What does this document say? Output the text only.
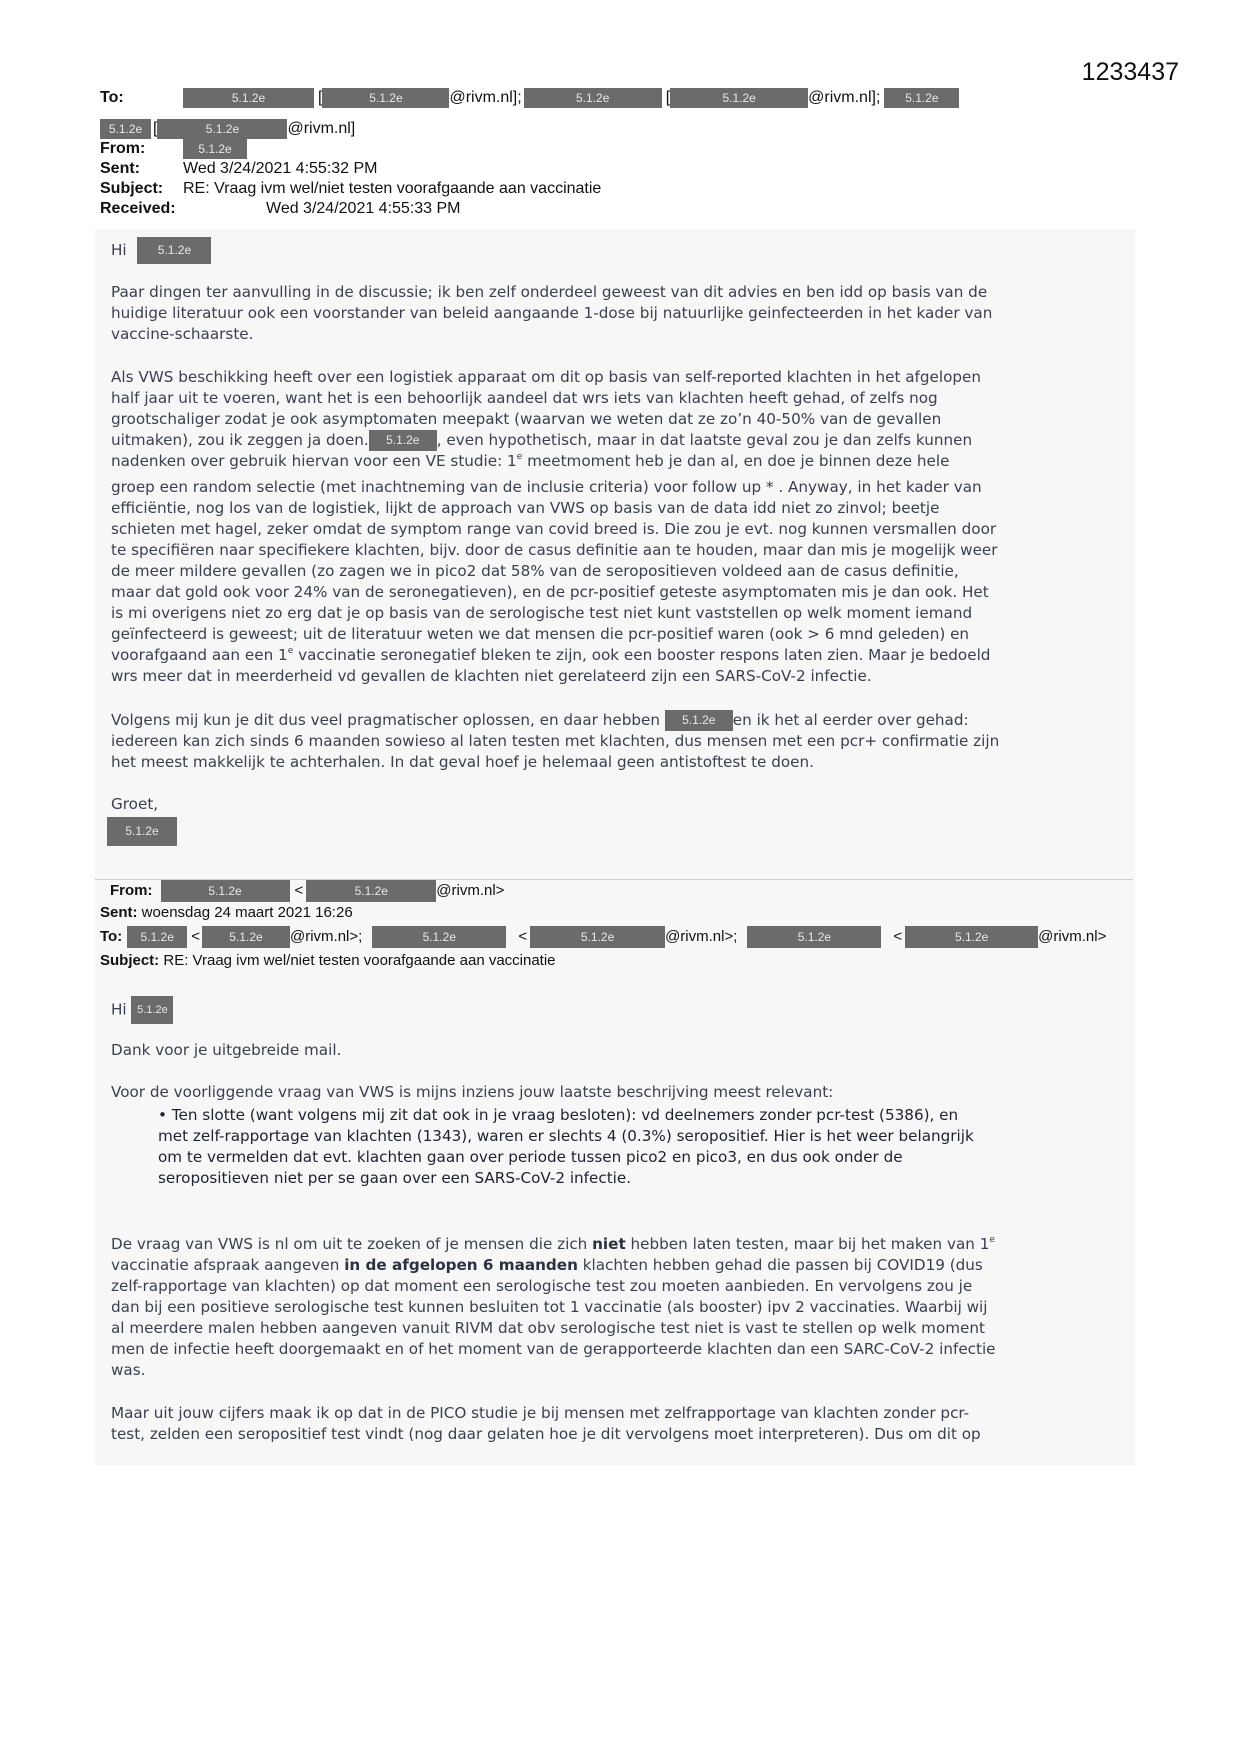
1233437
To:	5.1.2e	[	5.1.2e	@rivm.nl];	5.1.2e	[	5.1.2e	@rivm.nl]; 5.1.2e
5.1.2e [	5.1.2e	@rivm.nl]
From:	5.1.2e
Sent:	Wed 3/24/2021 4:55:32 PM
Subject: RE: Vraag ivm wel/niet testen voorafgaande aan vaccinatie
Received:	Wed 3/24/2021 4:55:33 PM
Hi	5.1.2e
Paar dingen ter aanvulling in de discussie; ik ben zelf onderdeel geweest van dit advies en ben idd op basis van de
huidige literatuur ook een voorstander van beleid aangaande 1-dose bij natuurlijke geinfecteerden in het kader van
vaccine-schaarste.
Als VWS beschikking heeft over een logistiek apparaat om dit op basis van self-reported klachten in het afgelopen
half jaar uit te voeren, want het is een behoorlijk aandeel dat wrs iets van klachten heeft gehad, of zelfs nog
grootschaliger zodat je ook asymptomaten meepakt (waarvan we weten dat ze zo’n 40-50% van de gevallen
uitmaken), zou ik zeggen ja doen. 5.1.2e , even hypothetisch, maar in dat laatste geval zou je dan zelfs kunnen
nadenken over gebruik hiervan voor een VE studie: 1e meetmoment heb je dan al, en doe je binnen deze hele
groep een random selectie (met inachtneming van de inclusie criteria) voor follow up * . Anyway, in het kader van
efficiëntie, nog los van de logistiek, lijkt de approach van VWS op basis van de data idd niet zo zinvol; beetje
schieten met hagel, zeker omdat de symptom range van covid breed is. Die zou je evt. nog kunnen versmallen door
te specifiëren naar specifiekere klachten, bijv. door de casus definitie aan te houden, maar dan mis je mogelijk weer
de meer mildere gevallen (zo zagen we in pico2 dat 58% van de seropositieven voldeed aan de casus definitie,
maar dat gold ook voor 24% van de seronegatieven), en de pcr-positief geteste asymptomaten mis je dan ook. Het
is mi overigens niet zo erg dat je op basis van de serologische test niet kunt vaststellen op welk moment iemand
geïnfecteerd is geweest; uit de literatuur weten we dat mensen die pcr-positief waren (ook > 6 mnd geleden) en
voorafgaand aan een 1e vaccinatie seronegatief bleken te zijn, ook een booster respons laten zien. Maar je bedoeld
wrs meer dat in meerderheid vd gevallen de klachten niet gerelateerd zijn een SARS-CoV-2 infectie.
Volgens mij kun je dit dus veel pragmatischer oplossen, en daar hebben 5.1.2e en ik het al eerder over gehad:
iedereen kan zich sinds 6 maanden sowieso al laten testen met klachten, dus mensen met een pcr+ confirmatie zijn
het meest makkelijk te achterhalen. In dat geval hoef je helemaal geen antistoftest te doen.
Groet,
5.1.2e
From:	5.1.2e	<	5.1.2e	@rivm.nl>
Sent: woensdag 24 maart 2021 16:26
To: 5.1.2e < 5.1.2e @rivm.nl>;	5.1.2e	<	5.1.2e	@rivm.nl>;	5.1.2e	<	5.1.2e	@rivm.nl>
Subject: RE: Vraag ivm wel/niet testen voorafgaande aan vaccinatie
Hi 5.1.2e
Dank voor je uitgebreide mail.
Voor de voorliggende vraag van VWS is mijns inziens jouw laatste beschrijving meest relevant:
• Ten slotte (want volgens mij zit dat ook in je vraag besloten): vd deelnemers zonder pcr-test (5386), en
met zelf-rapportage van klachten (1343), waren er slechts 4 (0.3%) seropositief. Hier is het weer belangrijk
om te vermelden dat evt. klachten gaan over periode tussen pico2 en pico3, en dus ook onder de
seropositieven niet per se gaan over een SARS-CoV-2 infectie.
De vraag van VWS is nl om uit te zoeken of je mensen die zich niet hebben laten testen, maar bij het maken van 1e
vaccinatie afspraak aangeven in de afgelopen 6 maanden klachten hebben gehad die passen bij COVID19 (dus
zelf-rapportage van klachten) op dat moment een serologische test zou moeten aanbieden. En vervolgens zou je
dan bij een positieve serologische test kunnen besluiten tot 1 vaccinatie (als booster) ipv 2 vaccinaties. Waarbij wij
al meerdere malen hebben aangeven vanuit RIVM dat obv serologische test niet is vast te stellen op welk moment
men de infectie heeft doorgemaakt en of het moment van de gerapporteerde klachten dan een SARC-CoV-2 infectie
was.
Maar uit jouw cijfers maak ik op dat in de PICO studie je bij mensen met zelfrapportage van klachten zonder pcr-
test, zelden een seropositief test vindt (nog daar gelaten hoe je dit vervolgens moet interpreteren). Dus om dit op
